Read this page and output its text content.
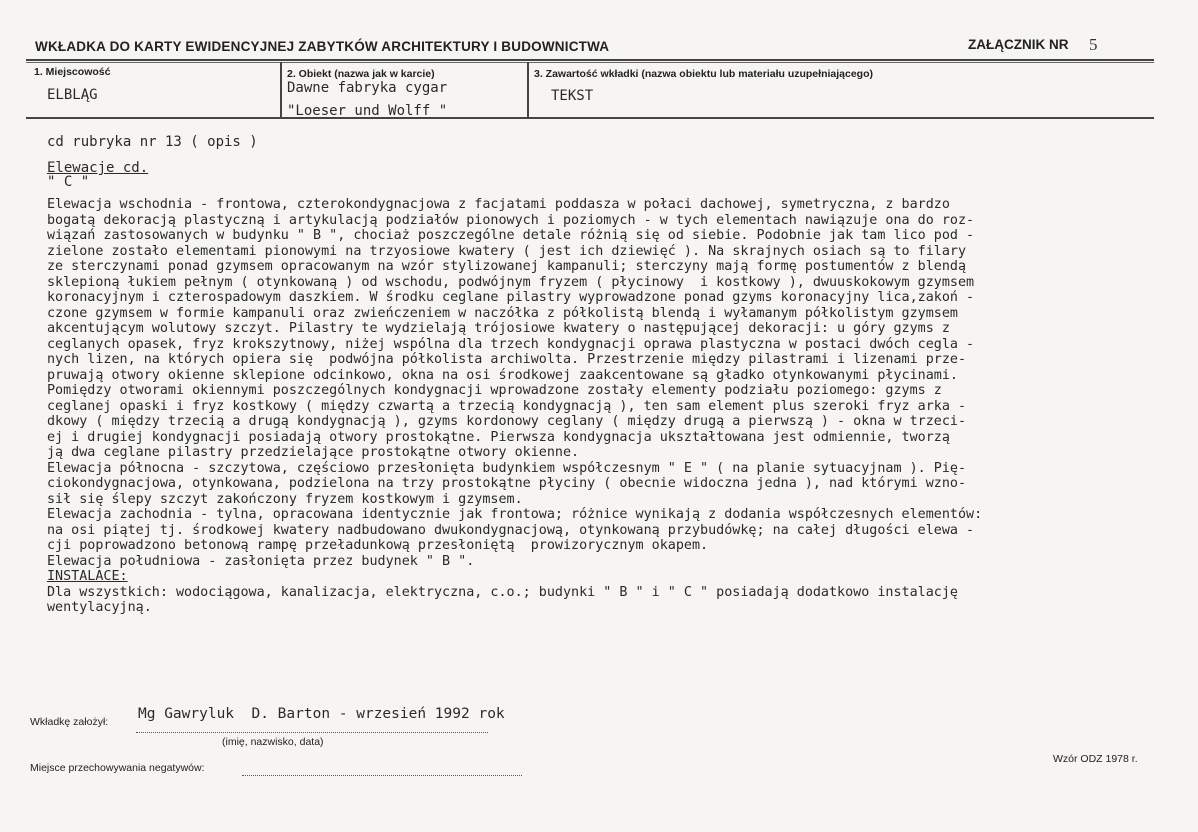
WKŁADKA DO KARTY EWIDENCYJNEJ ZABYTKÓW ARCHITEKTURY I BUDOWNICTWA	ZAŁĄCZNIK NR 5
1. Miejscowość
ELBLĄG
2. Obiekt (nazwa jak w karcie)
Dawne fabryka cygar
"Loeser und Wolff "
3. Zawartość wkładki (nazwa obiektu lub materiału uzupełniającego)
TEKST
cd rubryka nr 13 ( opis )
Elewacje cd.
" C "
Elewacja wschodnia - frontowa, czterokondygnacjowa z facjatami poddasza w połaci dachowej, symetryczna, z bardzo
bogatą dekoracją plastyczną i artykulacją podziałów pionowych i poziomych - w tych elementach nawiązuje ona do roz-
wiązań zastosowanych w budynku " B ", chociaż poszczególne detale różnią się od siebie. Podobnie jak tam lico pod -
zielone zostało elementami pionowymi na trzyosiowe kwatery ( jest ich dziewięć ). Na skrajnych osiach są to filary
ze sterczynami ponad gzymsem opracowanym na wzór stylizowanej kampanuli; sterczyny mają formę postumentów z blendą
sklepioną łukiem pełnym ( otynkowaną ) od wschodu, podwójnym fryzem ( płycinowy  i kostkowy ), dwuuskokowym gzymsem
koronacyjnym i czterospadowym daszkiem. W środku ceglane pilastry wyprowadzone ponad gzyms koronacyjny lica,zakoń -
czone gzymsem w formie kampanuli oraz zwieńczeniem w naczółka z półkolistą blendą i wyłamanym półkolistym gzymsem
akcentującym wolutowy szczyt. Pilastry te wydzielają trójosiowe kwatery o następującej dekoracji: u góry gzyms z
ceglanych opasek, fryz krokszytnowy, niżej wspólna dla trzech kondygnacji oprawa plastyczna w postaci dwóch cegla -
nych lizen, na których opiera się  podwójna półkolista archiwolta. Przestrzenie między pilastrami i lizenami prze-
pruwają otwory okienne sklepione odcinkowo, okna na osi środkowej zaakcentowane są gładko otynkowanymi płycinami.
Pomiędzy otworami okiennymi poszczególnych kondygnacji wprowadzone zostały elementy podziału poziomego: gzyms z
ceglanej opaski i fryz kostkowy ( między czwartą a trzecią kondygnacją ), ten sam element plus szeroki fryz arka -
dkowy ( między trzecią a drugą kondygnacją ), gzyms kordonowy ceglany ( między drugą a pierwszą ) - okna w trzeci-
ej i drugiej kondygnacji posiadają otwory prostokątne. Pierwsza kondygnacja ukształtowana jest odmiennie, tworzą
ją dwa ceglane pilastry przedzielające prostokątne otwory okienne.
Elewacja północna - szczytowa, częściowo przesłonięta budynkiem współczesnym " E " ( na planie sytuacyjnam ). Pię-
ciokondygnacjowa, otynkowana, podzielona na trzy prostokątne płyciny ( obecnie widoczna jedna ), nad którymi wzno-
sił się ślepy szczyt zakończony fryzem kostkowym i gzymsem.
Elewacja zachodnia - tylna, opracowana identycznie jak frontowa; różnice wynikają z dodania współczesnych elementów:
na osi piątej tj. środkowej kwatery nadbudowano dwukondygnacjową, otynkowaną przybudówkę; na całej długości elewa -
cji poprowadzono betonową rampę przeładunkową przesłoniętą  prowizorycznym okapem.
Elewacja południowa - zasłonięta przez budynek " B ".
INSTALACE:
Dla wszystkich: wodociągowa, kanalizacja, elektryczna, c.o.; budynki " B " i " C " posiadają dodatkowo instalację
wentylacyjną.
Wkładkę założył: Mg Gawryluk  D. Barton - wrzesień 1992 rok
(imię, nazwisko, data)
Miejsce przechowywania negatywów:
Wzór ODZ 1978 r.
